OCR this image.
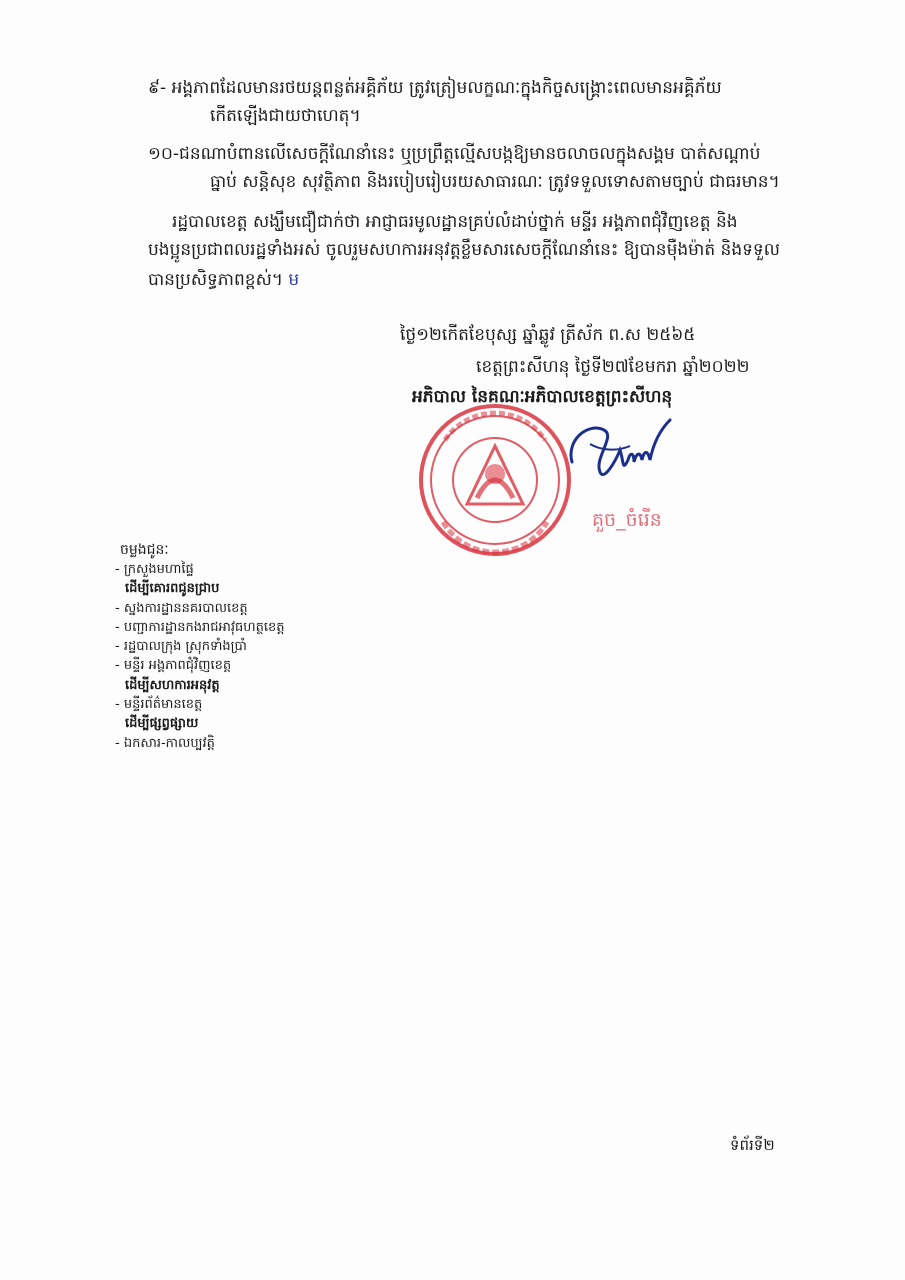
៩- អង្គភាពដែលមានរថយន្តពន្លត់អគ្គិភ័យ ត្រូវត្រៀមលក្ខណៈក្នុងកិច្ចសង្គ្រោះពេលមានអគ្គិភ័យ
កើតឡើងជាយថាហេតុ។
១០-ជនណាបំពានលើសេចក្តីណែនាំនេះ ឬប្រព្រឹត្តល្មើសបង្កឱ្យមានចលាចលក្នុងសង្គម បាត់សណ្តាប់
ធ្នាប់ សន្តិសុខ សុវត្ថិភាព និងរបៀបរៀបរយសាធារណៈ ត្រូវទទួលទោសតាមច្បាប់ ជាធរមាន។
រដ្ឋបាលខេត្ត សង្ឃឹមជឿជាក់ថា អាជ្ញាធរមូលដ្ឋានគ្រប់លំដាប់ថ្នាក់ មន្ទីរ អង្គភាពជុំវិញខេត្ត និង
បងប្អូនប្រជាពលរដ្ឋទាំងអស់ ចូលរួមសហការអនុវត្តខ្លឹមសារសេចក្តីណែនាំនេះ ឱ្យបានម៉ឺងម៉ាត់ និងទទួល
បានប្រសិទ្ធភាពខ្ពស់។ ម
ថ្ងៃ១២កើតខែបុស្ស ឆ្នាំឆ្លូវ ត្រីស័ក ព.ស ២៥៦៥
ខេត្តព្រះសីហនុ ថ្ងៃទី២៧ខែមករា ឆ្នាំ២០២២
អភិបាល នៃគណៈអភិបាលខេត្តព្រះសីហនុ
គួច_ចំរើន
ចម្លងជូនៈ
- ក្រសួងមហាផ្ទៃ
ដើម្បីគោរពជូនជ្រាប
- ស្នងការដ្ឋាននគរបាលខេត្ត
- បញ្ជាការដ្ឋានកងរាជអាវុធហត្ថខេត្ត
- រដ្ឋបាលក្រុង ស្រុកទាំងប្រាំ
- មន្ទីរ អង្គភាពជុំវិញខេត្ត
ដើម្បីសហការអនុវត្ត
- មន្ទីរព័ត៌មានខេត្ត
ដើម្បីផ្សព្វផ្សាយ
- ឯកសារ-កាលប្បវត្តិ
ទំព័រទី២
